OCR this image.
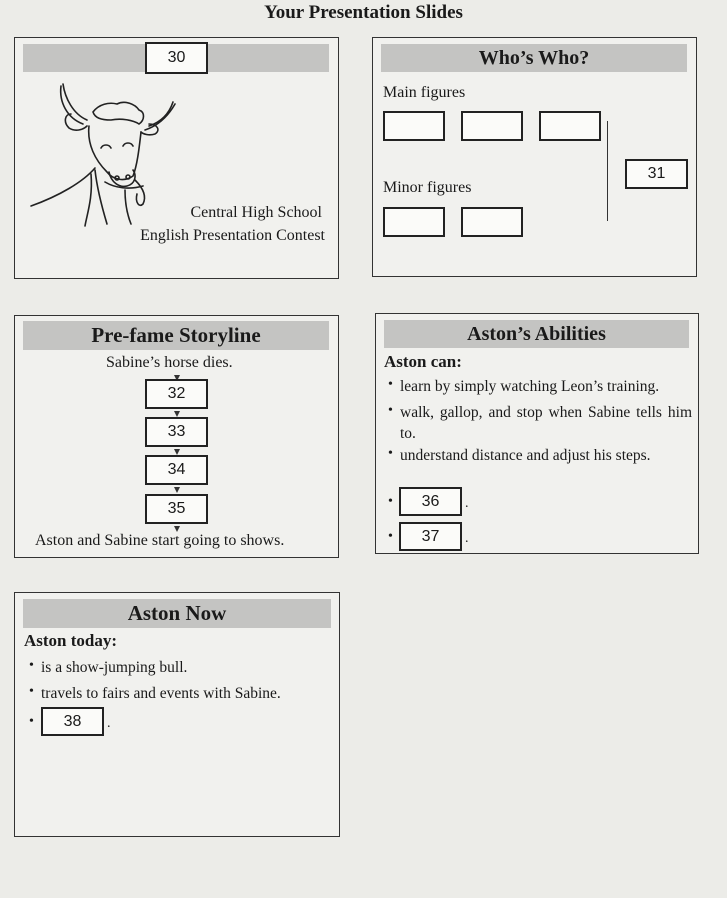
Your Presentation Slides
30
Central High School
English Presentation Contest
Who’s Who?
Main figures
Minor figures
31
Pre-fame Storyline
Sabine’s horse dies.
32
33
34
35
Aston and Sabine start going to shows.
Aston’s Abilities
Aston can:
• learn by simply watching Leon’s training.
• walk, gallop, and stop when Sabine tells him to.
• understand distance and adjust his steps.
•	36	.
•	37	.
Aston Now
Aston today:
• is a show-jumping bull.
• travels to fairs and events with Sabine.
•	38	.
